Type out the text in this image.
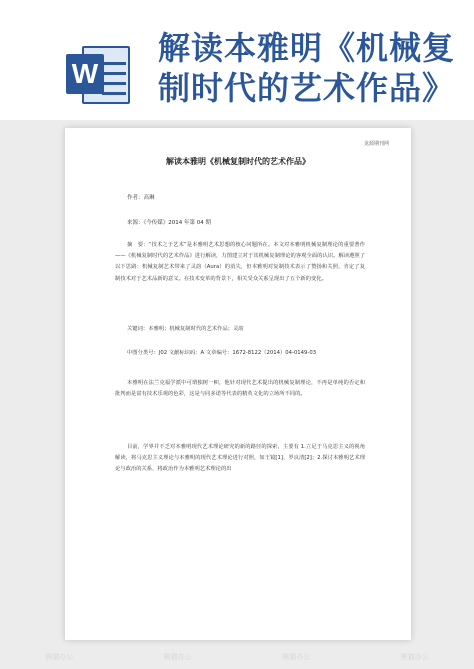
W
解读本雅明《机械复制时代的艺术作品》
龙源期刊网
解读本雅明《机械复制时代的艺术作品》
作者：高琳
来源：《今传媒》2014 年第 04 期
摘　要：“技术之于艺术”是本雅明艺术思想的核心问题所在。本文对本雅明机械复制理论的重要著作——《机械复制时代的艺术作品》进行解读，力图建立对于其机械复制理论的客观全面的认识。解读遵照了以下思路：机械复制艺术带来了灵韵（Aura）的消失，但本雅明对复制技术表示了赞扬和关照，肯定了复制技术对于艺术品新的意义。在技术变革的背景下，相关受众关系呈现出了五个新的变化。
关键词：本雅明；机械复制时代的艺术作品；灵韵
中图分类号：J02 文献标识码：A 文章编号：1672-8122（2014）04-0149-03
本雅明在法兰克福学派中可谓独树一帜，他针对现代艺术提出的机械复制理论，不再是单纯的否定和批判而是富有技术乐观的色彩，这是与同多诺等代表的精英文化的立场所不同的。
目前，学界并不乏对本雅明现代艺术理论研究的新的路径的探索，主要有 1.立足于马克思主义的视角解读，将马克思主义理论与本雅明的现代艺术理论进行对照，如王镜[1]、罗良清[2]；2.探讨本雅明艺术理论与政治的关系，将政治作为本雅明艺术理论的出
熊猫办公	熊猫办公	熊猫办公	熊猫办公
